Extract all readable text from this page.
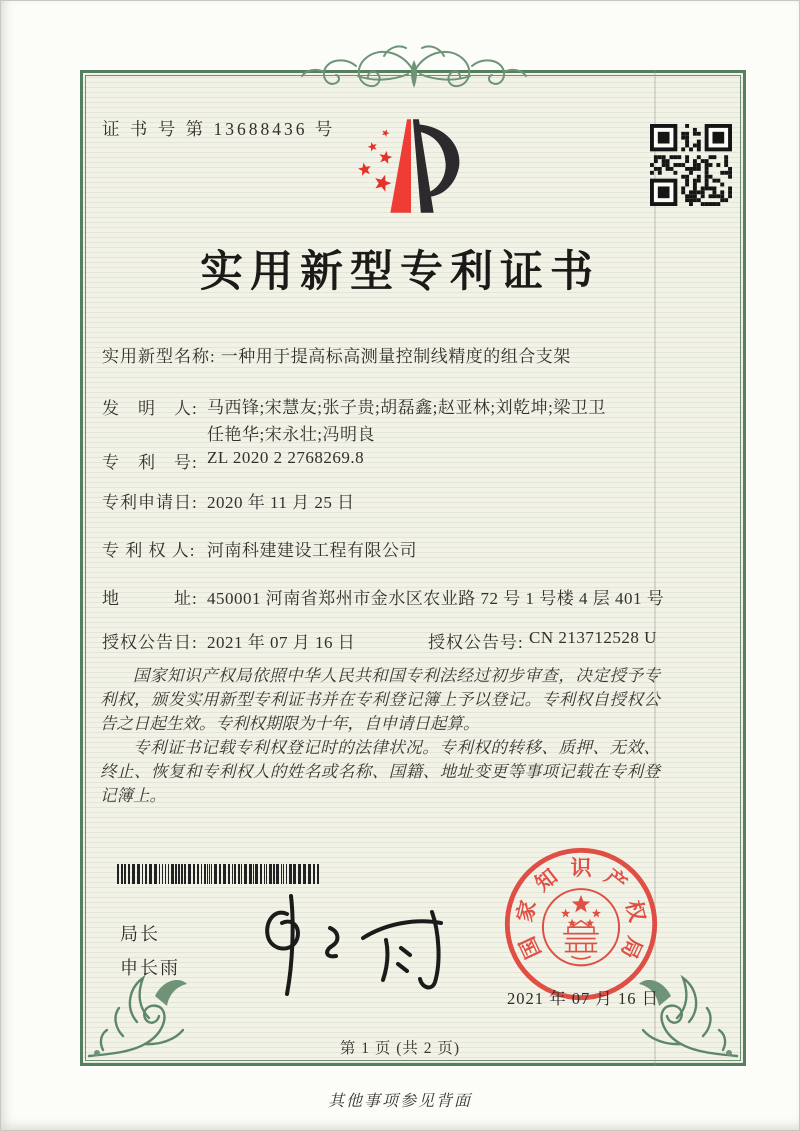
证 书 号 第 13688436 号
实用新型专利证书
实用新型名称: 一种用于提高标高测量控制线精度的组合支架
发　明　人: 马西锋;宋慧友;张子贵;胡磊鑫;赵亚林;刘乾坤;梁卫卫
任艳华;宋永壮;冯明良
专　利　号: ZL 2020 2 2768269.8
专利申请日: 2020 年 11 月 25 日
专 利 权 人: 河南科建建设工程有限公司
地　　　址: 450001 河南省郑州市金水区农业路 72 号 1 号楼 4 层 401 号
授权公告日: 2021 年 07 月 16 日	授权公告号: CN 213712528 U

国家知识产权局依照中华人民共和国专利法经过初步审查，决定授予专利权，颁发实用新型专利证书并在专利登记簿上予以登记。专利权自授权公告之日起生效。专利权期限为十年，自申请日起算。

专利证书记载专利权登记时的法律状况。专利权的转移、质押、无效、终止、恢复和专利权人的姓名或名称、国籍、地址变更等事项记载在专利登记簿上。

局长
申长雨
国
家
知 识 产
权
局
2021 年 07 月 16 日
第 1 页 (共 2 页)
其他事项参见背面
